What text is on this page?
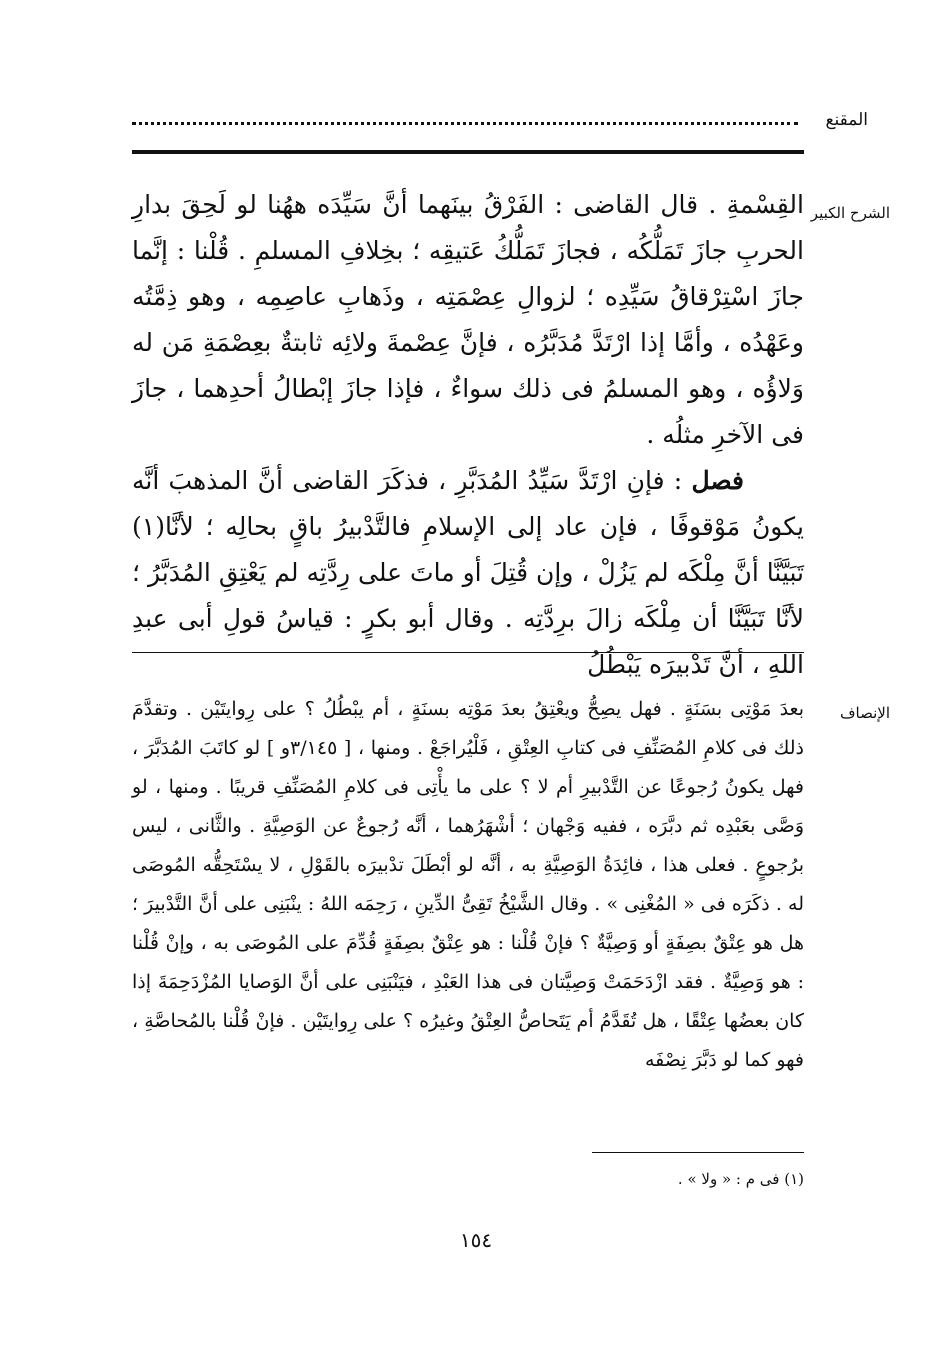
المقنع
الشرح الكبير

القِسْمةِ . قال القاضى : الفَرْقُ بينَهما أنَّ سَيِّدَه ههُنا لو لَحِقَ بدارِ الحربِ جازَ تَمَلُّكُه ، فجازَ تَمَلُّكُ عَتيقِه ؛ بخِلافِ المسلمِ . قُلْنا : إنَّما جازَ اسْتِرْقاقُ سَيِّدِه ؛ لزوالِ عِصْمَتِه ، وذَهابِ عاصِمِه ، وهو ذِمَّتُه وعَهْدُه ، وأمَّا إذا ارْتَدَّ مُدَبَّرُه ، فإنَّ عِصْمةَ ولائِه ثابتةٌ بعِصْمَةِ مَن له وَلاؤُه ، وهو المسلمُ فى ذلك سواءٌ ، فإذا جازَ إبْطالُ أحدِهما ، جازَ فى الآخرِ مثلُه .

فصل : فإنِ ارْتَدَّ سَيِّدُ المُدَبَّرِ ، فذكَرَ القاضى أنَّ المذهبَ أنَّه يكونُ مَوْقوفًا ، فإن عاد إلى الإسلامِ فالتَّدْبيرُ باقٍ بحالِه ؛ لأنَّا(١) تَبَيَّنَّا أنَّ مِلْكَه لم يَزُلْ ، وإن قُتِلَ أو ماتَ على رِدَّتِه لم يَعْتِقِ المُدَبَّرُ ؛ لأنَّا تَبَيَّنَّا أن مِلْكَه زالَ برِدَّتِه . وقال أبو بكرٍ : قياسُ قولِ أبى عبدِ اللهِ ، أنَّ تَدْبيرَه يَبْطُلُ

الإنصاف

بعدَ مَوْتِى بسَنَةٍ . فهل يصِحُّ ويعْتِقُ بعدَ مَوْتِه بسنَةٍ ، أم يبْطُلُ ؟ على رِوايتَيْن . وتقدَّمَ ذلك فى كلامِ المُصَنِّفِ فى كتابِ العِتْقِ ، فَلْيُراجَعْ . ومنها ، [ ٣/١٤٥و ] لو كاتَبَ المُدَبَّرَ ، فهل يكونُ رُجوعًا عن التَّدْبيرِ أم لا ؟ على ما يأْتِى فى كلامِ المُصَنِّفِ قريبًا . ومنها ، لو وَصَّى بعَبْدِه ثم دبَّرَه ، ففيه وَجْهان ؛ أشْهَرُهما ، أنَّه رُجوعٌ عن الوَصِيَّةِ . والثَّانى ، ليس برُجوعٍ . فعلى هذا ، فائِدَةُ الوَصِيَّةِ به ، أنَّه لو أبْطَلَ تدْبيرَه بالقَوْلِ ، لا يسْتَحِقُّه المُوصَى له . ذكَرَه فى « المُغْنِى » . وقال الشَّيْخُ تَقِىُّ الدِّينِ ، رَحِمَه اللهُ : ينْبَنِى على أنَّ التَّدْبيرَ ؛ هل هو عِتْقٌ بصِفَةٍ أو وَصِيَّةٌ ؟ فإنْ قُلْنا : هو عِتْقٌ بصِفَةٍ قُدِّمَ على المُوصَى به ، وإنْ قُلْنا : هو وَصِيَّةٌ . فقد ازْدَحَمَتْ وَصِيَّتان فى هذا العَبْدِ ، فيَنْبَنِى على أنَّ الوَصايا المُزْدَحِمَةَ إذا كان بعضُها عِتْقًا ، هل تُقَدَّمُ أم يَتَحاصُّ العِتْقُ وغيرُه ؟ على رِوايتَيْن . فإنْ قُلْنا بالمُحاصَّةِ ، فهو كما لو دَبَّرَ نِصْفَه

(١) فى م : « ولا » .
١٥٤
